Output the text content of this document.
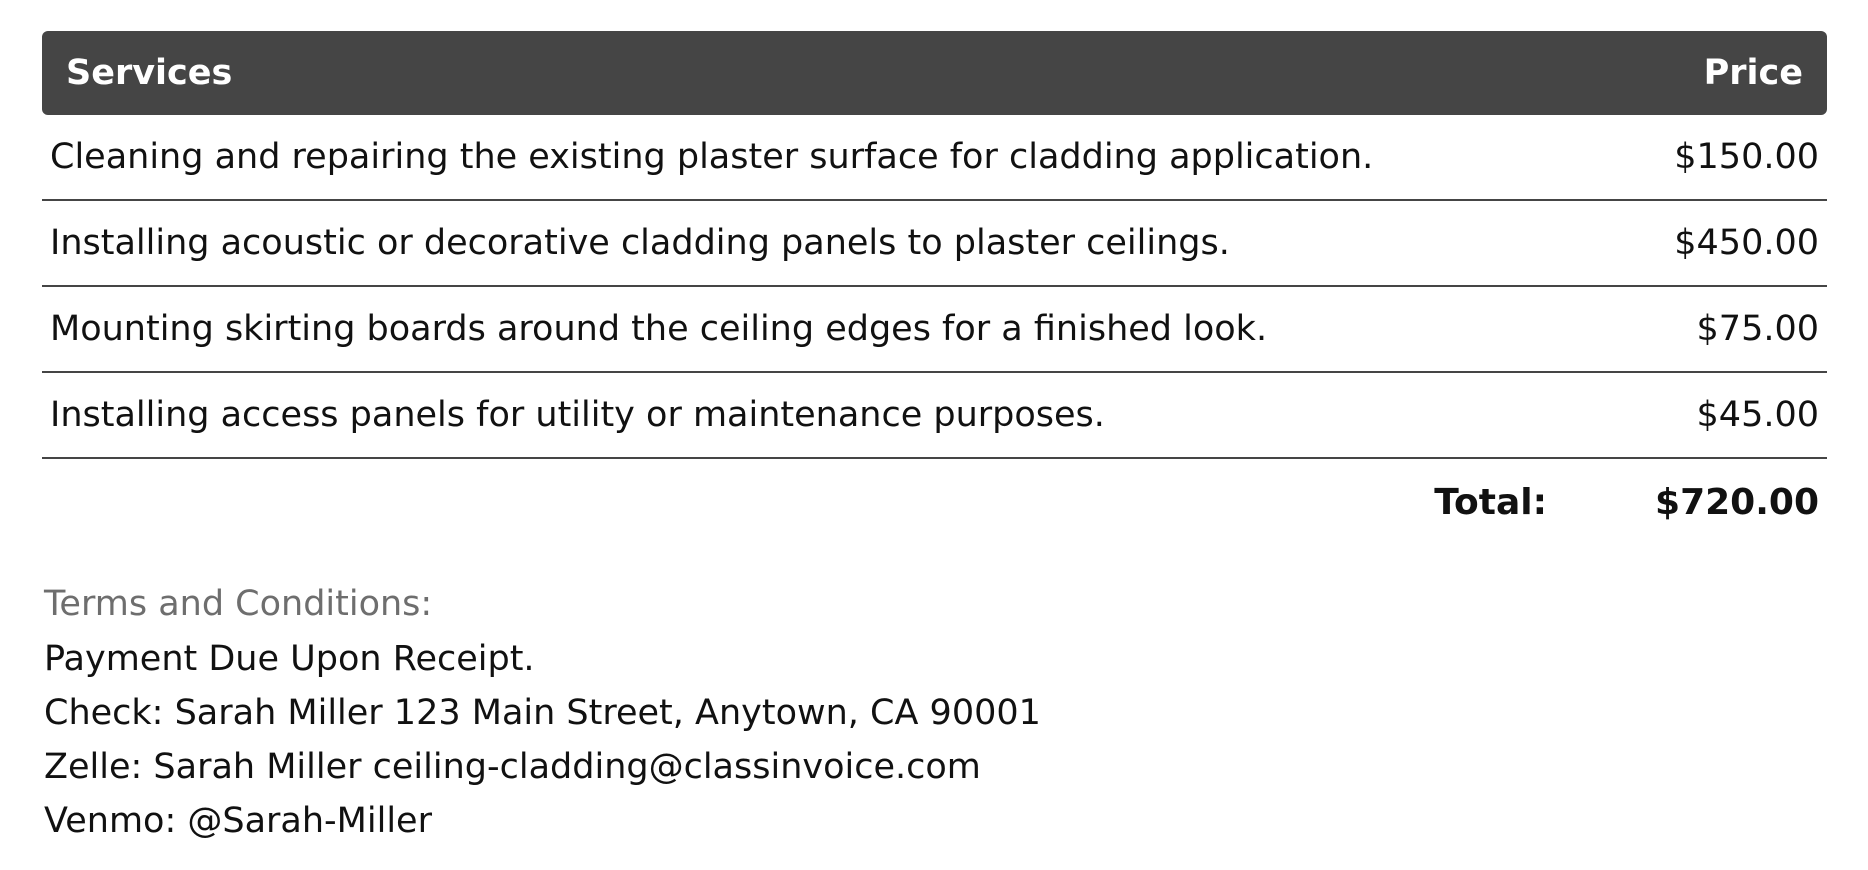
Services	Price
Cleaning and repairing the existing plaster surface for cladding application.	$150.00
Installing acoustic or decorative cladding panels to plaster ceilings.	$450.00
Mounting skirting boards around the ceiling edges for a finished look.	$75.00
Installing access panels for utility or maintenance purposes.	$45.00
Total:	$720.00
Terms and Conditions:
Payment Due Upon Receipt.
Check: Sarah Miller 123 Main Street, Anytown, CA 90001
Zelle: Sarah Miller ceiling-cladding@classinvoice.com
Venmo: @Sarah-Miller
